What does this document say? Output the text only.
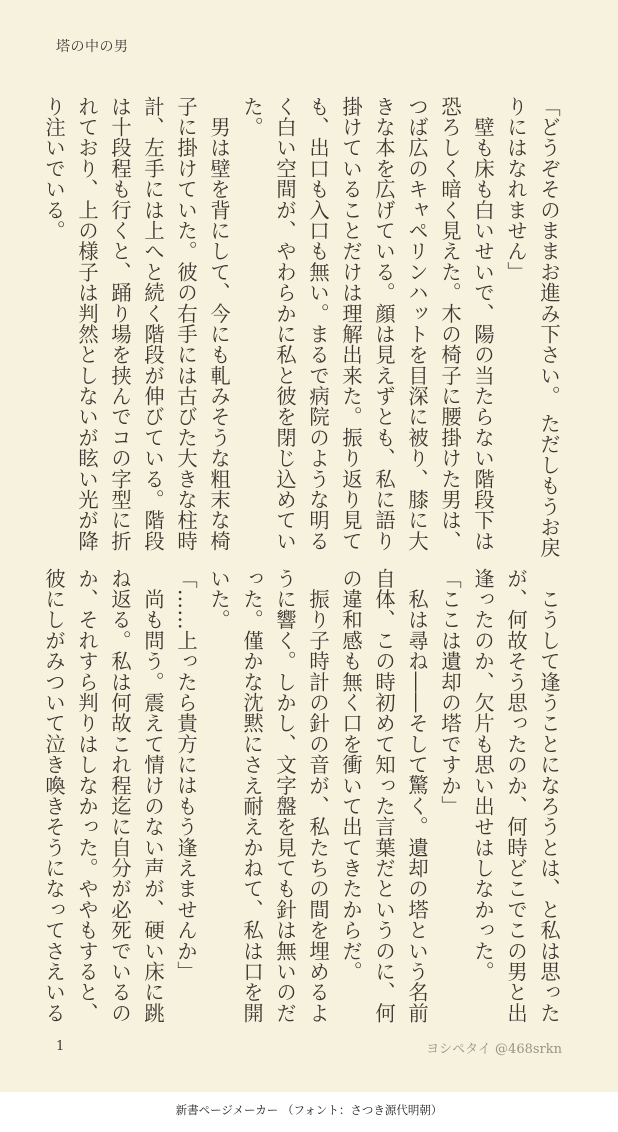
塔の中の男
「どうぞそのままお進み下さい。 ただしもうお戻
りにはなれません」
　壁も床も白いせいで、陽の当たらない階段下は
恐ろしく暗く見えた。木の椅子に腰掛けた男は、
つば広のキャペリンハットを目深に被り、膝に大
きな本を広げている。顔は見えずとも、私に語り
掛けていることだけは理解出来た。振り返り見て
も、出口も入口も無い。まるで病院のような明る
く白い空間が、やわらかに私と彼を閉じ込めてい
た。
　男は壁を背にして、今にも軋みそうな粗末な椅
子に掛けていた。彼の右手には古びた大きな柱時
計、左手には上へと続く階段が伸びている。階段
は十段程も行くと、踊り場を挟んでコの字型に折
れており、上の様子は判然としないが眩い光が降
り注いでいる。
　こうして逢うことになろうとは、と私は思った
が、何故そう思ったのか、何時どこでこの男と出
逢ったのか、欠片も思い出せはしなかった。
「ここは遺却の塔ですか」
　私は尋ね――そして驚く。遺却の塔という名前
自体、この時初めて知った言葉だというのに、何
の違和感も無く口を衝いて出てきたからだ。
　振り子時計の針の音が、私たちの間を埋めるよ
うに響く。しかし、文字盤を見ても針は無いのだ
った。僅かな沈黙にさえ耐えかねて、私は口を開
いた。
「……上ったら貴方にはもう逢えませんか」
　尚も問う。震えて情けのない声が、硬い床に跳
ね返る。私は何故これ程迄に自分が必死でいるの
か、それすら判りはしなかった。ややもすると、
彼にしがみついて泣き喚きそうになってさえいる
1	ヨシペタイ @468srkn
新書ページメーカー （フォント：さつき源代明朝）
